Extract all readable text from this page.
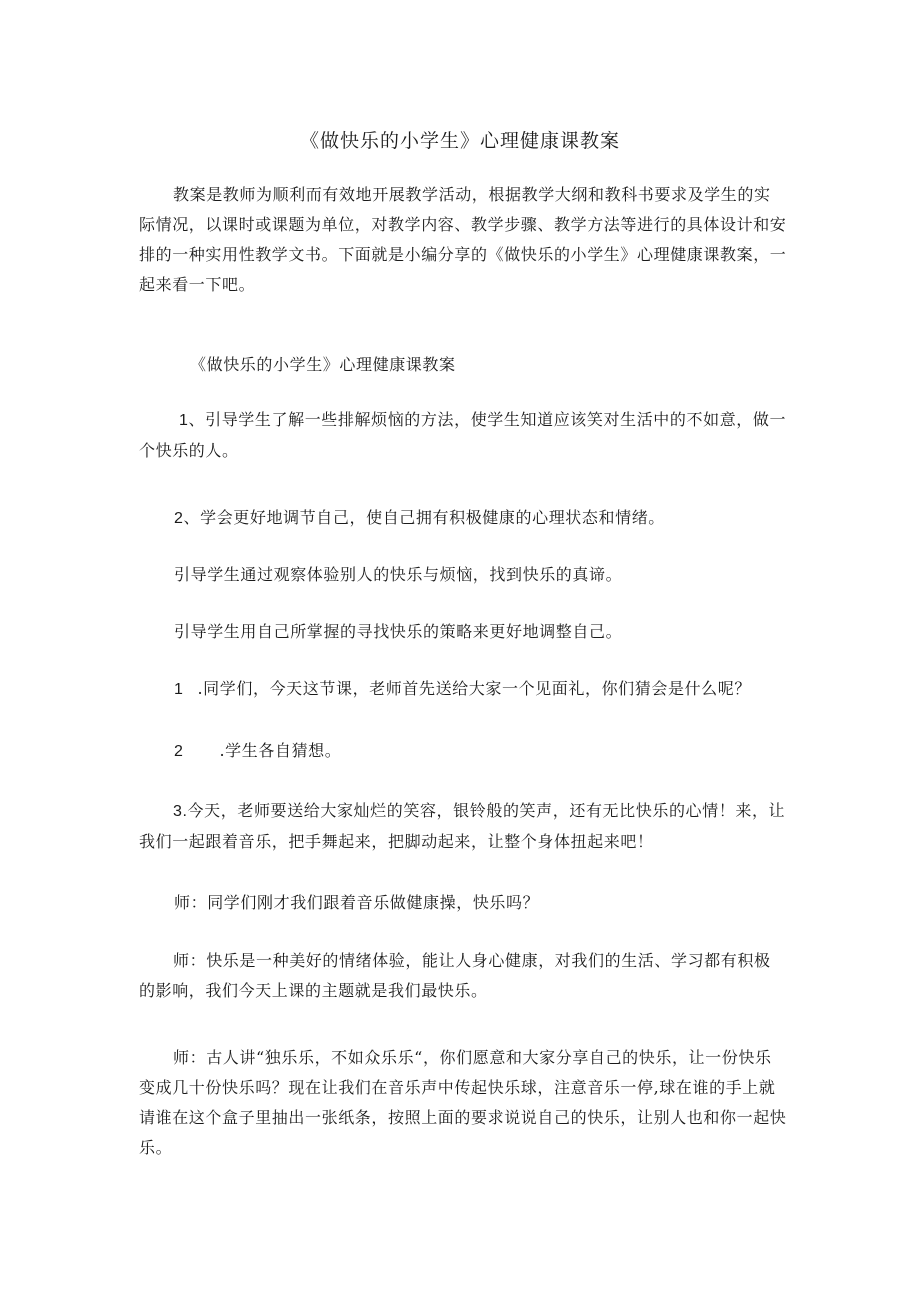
《做快乐的小学生》心理健康课教案

教案是教师为顺利而有效地开展教学活动，根据教学大纲和教科书要求及学生的实际情况，以课时或课题为单位，对教学内容、教学步骤、教学方法等进行的具体设计和安排的一种实用性教学文书。下面就是小编分享的《做快乐的小学生》心理健康课教案，一起来看一下吧。

《做快乐的小学生》心理健康课教案

1、引导学生了解一些排解烦恼的方法，使学生知道应该笑对生活中的不如意，做一个快乐的人。

2、学会更好地调节自己，使自己拥有积极健康的心理状态和情绪。

引导学生通过观察体验别人的快乐与烦恼，找到快乐的真谛。

引导学生用自己所掌握的寻找快乐的策略来更好地调整自己。

1 .同学们，今天这节课，老师首先送给大家一个见面礼，你们猜会是什么呢？

2 .学生各自猜想。

3.今天，老师要送给大家灿烂的笑容，银铃般的笑声，还有无比快乐的心情！来，让我们一起跟着音乐，把手舞起来，把脚动起来，让整个身体扭起来吧！

师：同学们刚才我们跟着音乐做健康操，快乐吗？

师：快乐是一种美好的情绪体验，能让人身心健康，对我们的生活、学习都有积极的影响，我们今天上课的主题就是我们最快乐。

师：古人讲“独乐乐，不如众乐乐“，你们愿意和大家分享自己的快乐，让一份快乐变成几十份快乐吗？现在让我们在音乐声中传起快乐球，注意音乐一停,球在谁的手上就请谁在这个盒子里抽出一张纸条，按照上面的要求说说自己的快乐，让别人也和你一起快乐。
